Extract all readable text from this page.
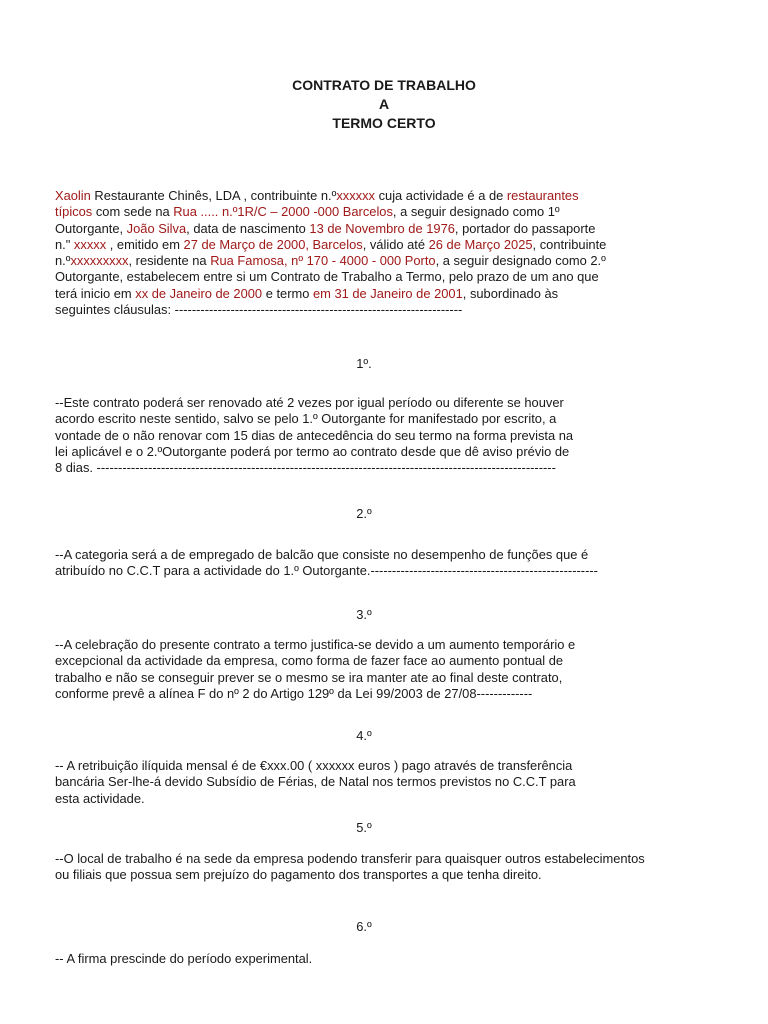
CONTRATO DE TRABALHO
A
TERMO CERTO
Xaolin Restaurante Chinês, LDA , contribuinte n.ºxxxxxx cuja actividade é a de restaurantes
típicos com sede na Rua ..... n.º1R/C – 2000 -000 Barcelos, a seguir designado como 1º
Outorgante, João Silva, data de nascimento 13 de Novembro de 1976, portador do passaporte
n." xxxxx , emitido em 27 de Março de 2000, Barcelos, válido até 26 de Março 2025, contribuinte
n.ºxxxxxxxxx, residente na Rua Famosa, nº 170 - 4000 - 000 Porto, a seguir designado como 2.º
Outorgante, estabelecem entre si um Contrato de Trabalho a Termo, pelo prazo de um ano que
terá inicio em xx de Janeiro de 2000 e termo em 31 de Janeiro de 2001, subordinado às
seguintes cláusulas: -------------------------------------------------------------------
1º.
--Este contrato poderá ser renovado até 2 vezes por igual período ou diferente se houver
acordo escrito neste sentido, salvo se pelo 1.º Outorgante for manifestado por escrito, a
vontade de o não renovar com 15 dias de antecedência do seu termo na forma prevista na
lei aplicável e o 2.ºOutorgante poderá por termo ao contrato desde que dê aviso prévio de
8 dias. -----------------------------------------------------------------------------------------------------------
2.º
--A categoria será a de empregado de balcão que consiste no desempenho de funções que é
atribuído no C.C.T para a actividade do 1.º Outorgante.-----------------------------------------------------
3.º
--A celebração do presente contrato a termo justifica-se devido a um aumento temporário e
excepcional da actividade da empresa, como forma de fazer face ao aumento pontual de
trabalho e não se conseguir prever se o mesmo se ira manter ate ao final deste contrato,
conforme prevê a alínea F do nº 2 do Artigo 129º da Lei 99/2003 de 27/08-------------
4.º
-- A retribuição ilíquida mensal é de €xxx.00 ( xxxxxx euros ) pago através de transferência
bancária Ser-lhe-á devido Subsídio de Férias, de Natal nos termos previstos no C.C.T para
esta actividade.
5.º
--O local de trabalho é na sede da empresa podendo transferir para quaisquer outros estabelecimentos
ou filiais que possua sem prejuízo do pagamento dos transportes a que tenha direito.
6.º
-- A firma prescinde do período experimental.
